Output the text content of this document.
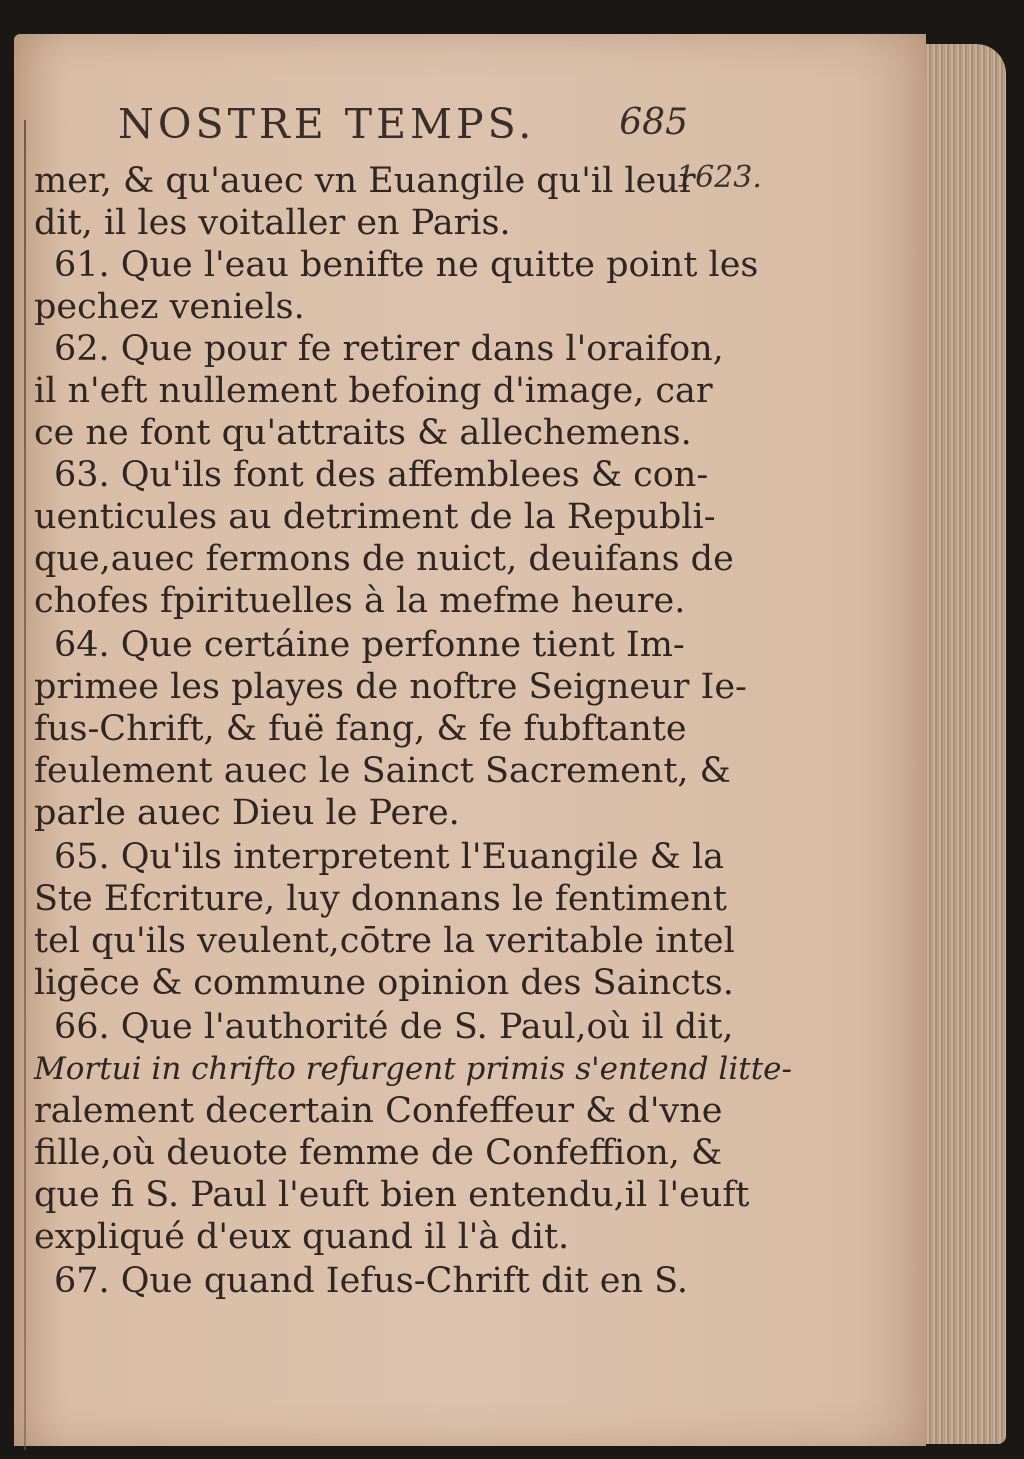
NOSTRE TEMPS. 685
1623.
mer, & qu'auec vn Euangile qu'il leur
dit, il les voitaller en Paris.
61. Que l'eau benifte ne quitte point les
pechez veniels.
62. Que pour fe retirer dans l'oraifon,
il n'eft nullement befoing d'image, car
ce ne font qu'attraits & allechemens.
63. Qu'ils font des affemblees & con-
uenticules au detriment de la Republi-
que,auec fermons de nuict, deuifans de
chofes fpirituelles à la mefme heure.
64. Que certáine perfonne tient Im-
primee les playes de noftre Seigneur Ie-
fus-Chrift, & fuë fang, & fe fubftante
feulement auec le Sainct Sacrement, &
parle auec Dieu le Pere.
65. Qu'ils interpretent l'Euangile & la
Ste Efcriture, luy donnans le fentiment
tel qu'ils veulent,cōtre la veritable intel
ligēce & commune opinion des Saincts.
66. Que l'authorité de S. Paul,où il dit,
Mortui in chrifto refurgent primis s'entend litte-
ralement decertain Confeffeur & d'vne
fille,où deuote femme de Confeffion, &
que fi S. Paul l'euft bien entendu,il l'euft
expliqué d'eux quand il l'à dit.
67. Que quand Iefus-Chrift dit en S.
